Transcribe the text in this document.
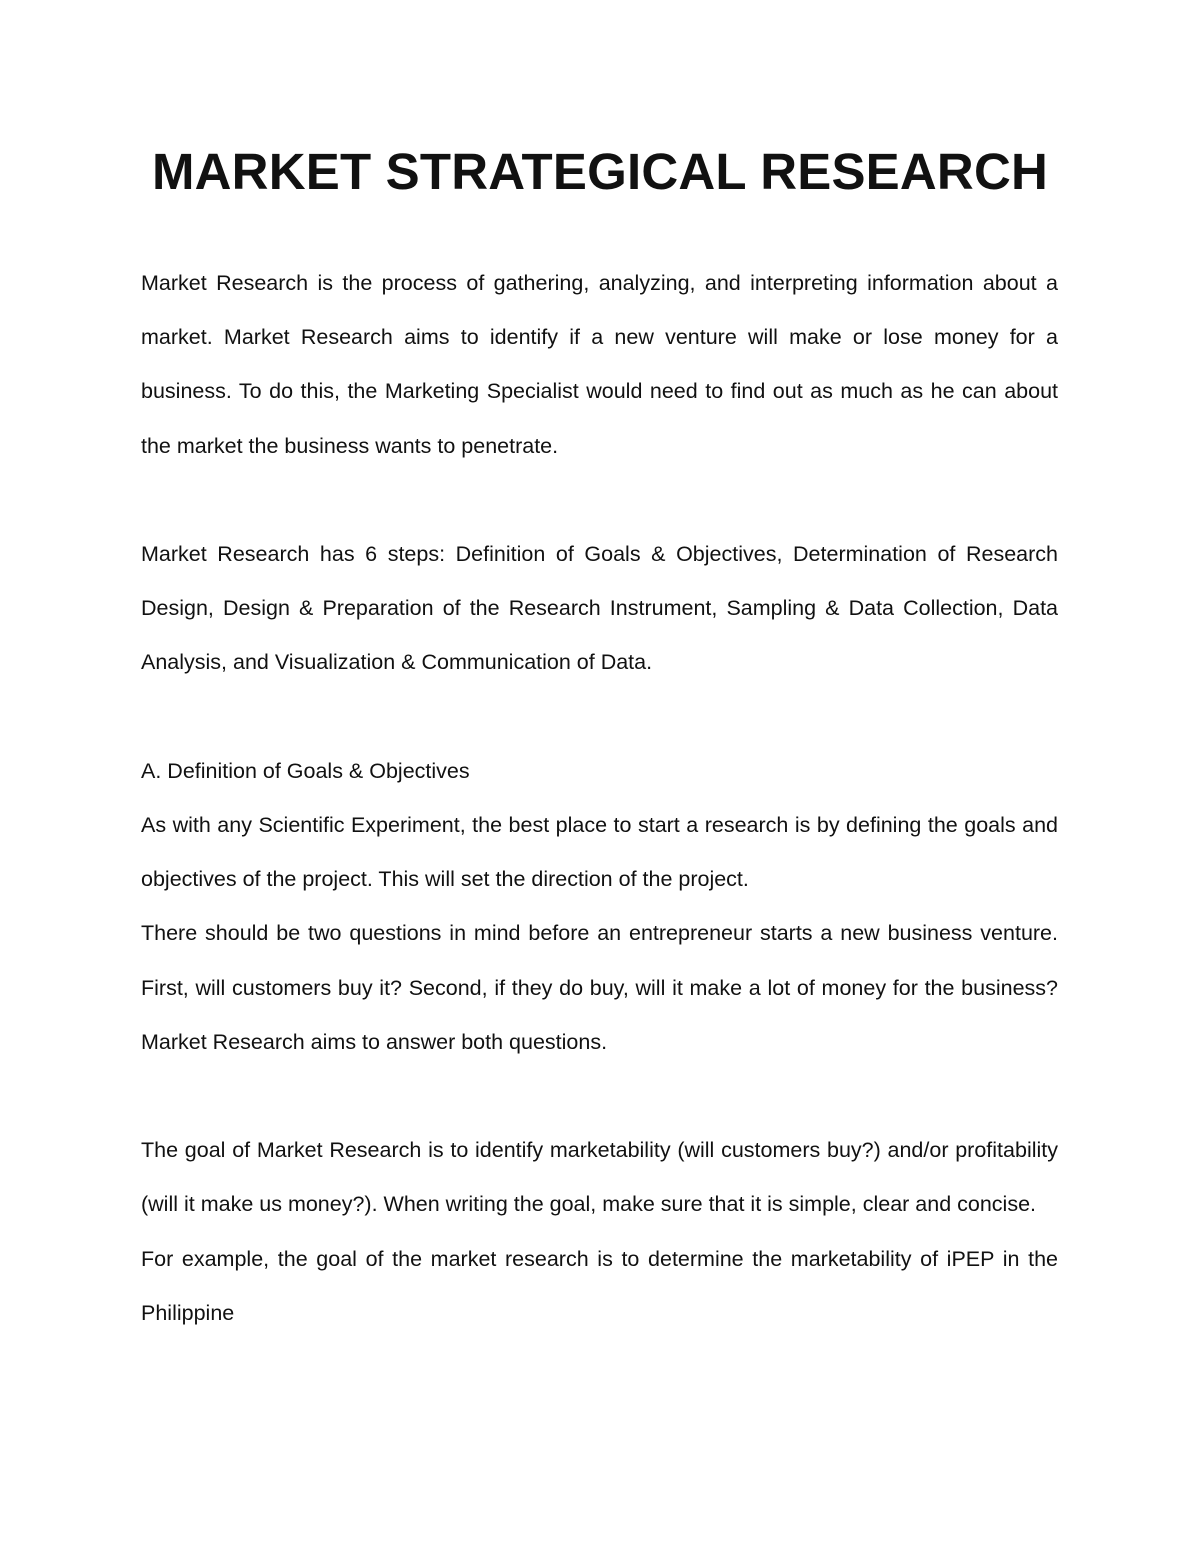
MARKET STRATEGICAL RESEARCH

Market Research is the process of gathering, analyzing, and interpreting information about a market. Market Research aims to identify if a new venture will make or lose money for a business. To do this, the Marketing Specialist would need to find out as much as he can about the market the business wants to penetrate.

Market Research has 6 steps: Definition of Goals & Objectives, Determination of Research Design, Design & Preparation of the Research Instrument, Sampling & Data Collection, Data Analysis, and Visualization & Communication of Data.

A. Definition of Goals & Objectives

As with any Scientific Experiment, the best place to start a research is by defining the goals and objectives of the project. This will set the direction of the project.

There should be two questions in mind before an entrepreneur starts a new business venture. First, will customers buy it? Second, if they do buy, will it make a lot of money for the business? Market Research aims to answer both questions.

The goal of Market Research is to identify marketability (will customers buy?) and/or profitability (will it make us money?). When writing the goal, make sure that it is simple, clear and concise.

For example, the goal of the market research is to determine the marketability of iPEP in the Philippine
